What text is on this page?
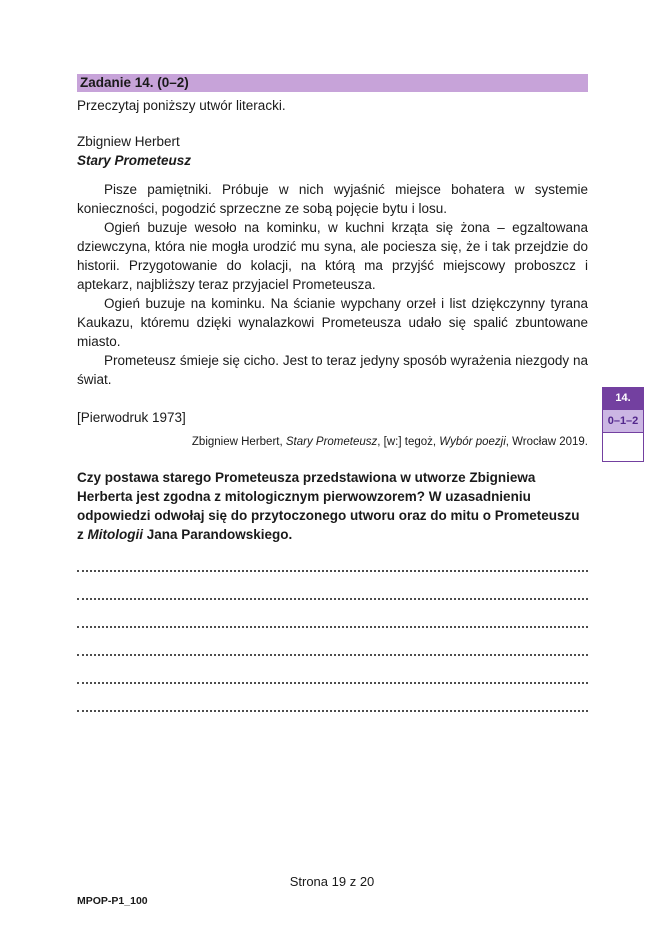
Zadanie 14. (0–2)
Przeczytaj poniższy utwór literacki.
Zbigniew Herbert
Stary Prometeusz

Pisze pamiętniki. Próbuje w nich wyjaśnić miejsce bohatera w systemie konieczności, pogodzić sprzeczne ze sobą pojęcie bytu i losu.

Ogień buzuje wesoło na kominku, w kuchni krząta się żona – egzaltowana dziewczyna, która nie mogła urodzić mu syna, ale pociesza się, że i tak przejdzie do historii. Przygotowanie do kolacji, na którą ma przyjść miejscowy proboszcz i aptekarz, najbliższy teraz przyjaciel Prometeusza.

Ogień buzuje na kominku. Na ścianie wypchany orzeł i list dziękczynny tyrana Kaukazu, któremu dzięki wynalazkowi Prometeusza udało się spalić zbuntowane miasto.

Prometeusz śmieje się cicho. Jest to teraz jedyny sposób wyrażenia niezgody na świat.

[Pierwodruk 1973]
Zbigniew Herbert, Stary Prometeusz, [w:] tegoż, Wybór poezji, Wrocław 2019.
Czy postawa starego Prometeusza przedstawiona w utworze Zbigniewa Herberta jest zgodna z mitologicznym pierwowzorem? W uzasadnieniu odpowiedzi odwołaj się do przytoczonego utworu oraz do mitu o Prometeuszu z Mitologii Jana Parandowskiego.
14.
0–1–2
Strona 19 z 20
MPOP-P1_100
